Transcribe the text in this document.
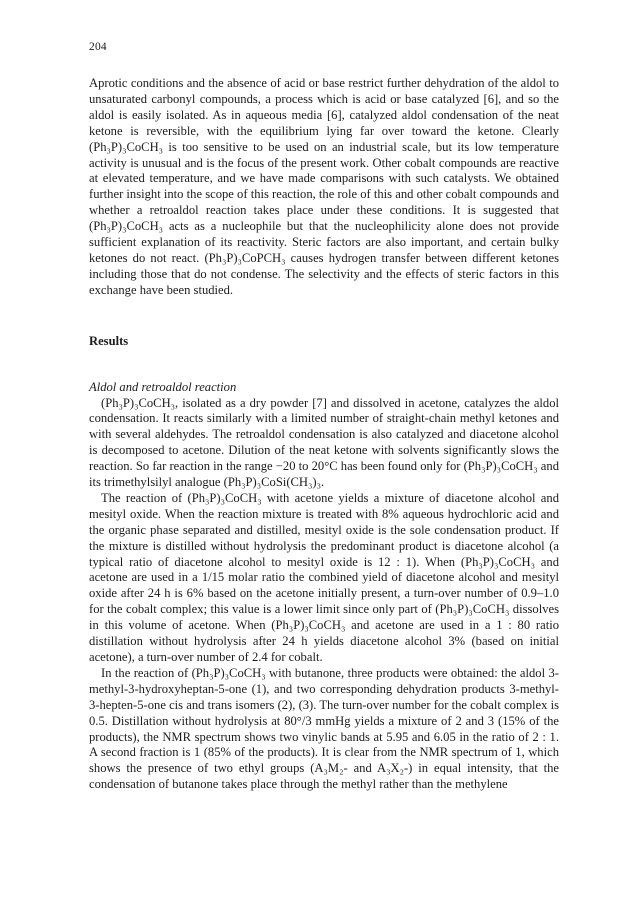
204

Aprotic conditions and the absence of acid or base restrict further dehydration of the aldol to unsaturated carbonyl compounds, a process which is acid or base catalyzed [6], and so the aldol is easily isolated. As in aqueous media [6], catalyzed aldol condensation of the neat ketone is reversible, with the equilibrium lying far over toward the ketone. Clearly (Ph₃P)₃CoCH₃ is too sensitive to be used on an industrial scale, but its low temperature activity is unusual and is the focus of the present work. Other cobalt compounds are reactive at elevated temperature, and we have made comparisons with such catalysts. We obtained further insight into the scope of this reaction, the role of this and other cobalt compounds and whether a retroaldol reaction takes place under these conditions. It is suggested that (Ph₃P)₃CoCH₃ acts as a nucleophile but that the nucleophilicity alone does not provide sufficient explanation of its reactivity. Steric factors are also important, and certain bulky ketones do not react. (Ph₃P)₃CoPCH₃ causes hydrogen transfer between different ketones including those that do not condense. The selectivity and the effects of steric factors in this exchange have been studied.

Results
Aldol and retroaldol reaction

(Ph₃P)₃CoCH₃, isolated as a dry powder [7] and dissolved in acetone, catalyzes the aldol condensation. It reacts similarly with a limited number of straight-chain methyl ketones and with several aldehydes. The retroaldol condensation is also catalyzed and diacetone alcohol is decomposed to acetone. Dilution of the neat ketone with solvents significantly slows the reaction. So far reaction in the range −20 to 20°C has been found only for (Ph₃P)₃CoCH₃ and its trimethylsilyl analogue (Ph₃P)₃CoSi(CH₃)₃.

The reaction of (Ph₃P)₃CoCH₃ with acetone yields a mixture of diacetone alcohol and mesityl oxide. When the reaction mixture is treated with 8% aqueous hydrochloric acid and the organic phase separated and distilled, mesityl oxide is the sole condensation product. If the mixture is distilled without hydrolysis the predominant product is diacetone alcohol (a typical ratio of diacetone alcohol to mesityl oxide is 12 : 1). When (Ph₃P)₃CoCH₃ and acetone are used in a 1/15 molar ratio the combined yield of diacetone alcohol and mesityl oxide after 24 h is 6% based on the acetone initially present, a turn-over number of 0.9–1.0 for the cobalt complex; this value is a lower limit since only part of (Ph₃P)₃CoCH₃ dissolves in this volume of acetone. When (Ph₃P)₃CoCH₃ and acetone are used in a 1 : 80 ratio distillation without hydrolysis after 24 h yields diacetone alcohol 3% (based on initial acetone), a turn-over number of 2.4 for cobalt.

In the reaction of (Ph₃P)₃CoCH₃ with butanone, three products were obtained: the aldol 3-methyl-3-hydroxyheptan-5-one (1), and two corresponding dehydration products 3-methyl-3-hepten-5-one cis and trans isomers (2), (3). The turn-over number for the cobalt complex is 0.5. Distillation without hydrolysis at 80°/3 mmHg yields a mixture of 2 and 3 (15% of the products), the NMR spectrum shows two vinylic bands at 5.95 and 6.05 in the ratio of 2 : 1. A second fraction is 1 (85% of the products). It is clear from the NMR spectrum of 1, which shows the presence of two ethyl groups (A₃M₂- and A₃X₂-) in equal intensity, that the condensation of butanone takes place through the methyl rather than the methylene
